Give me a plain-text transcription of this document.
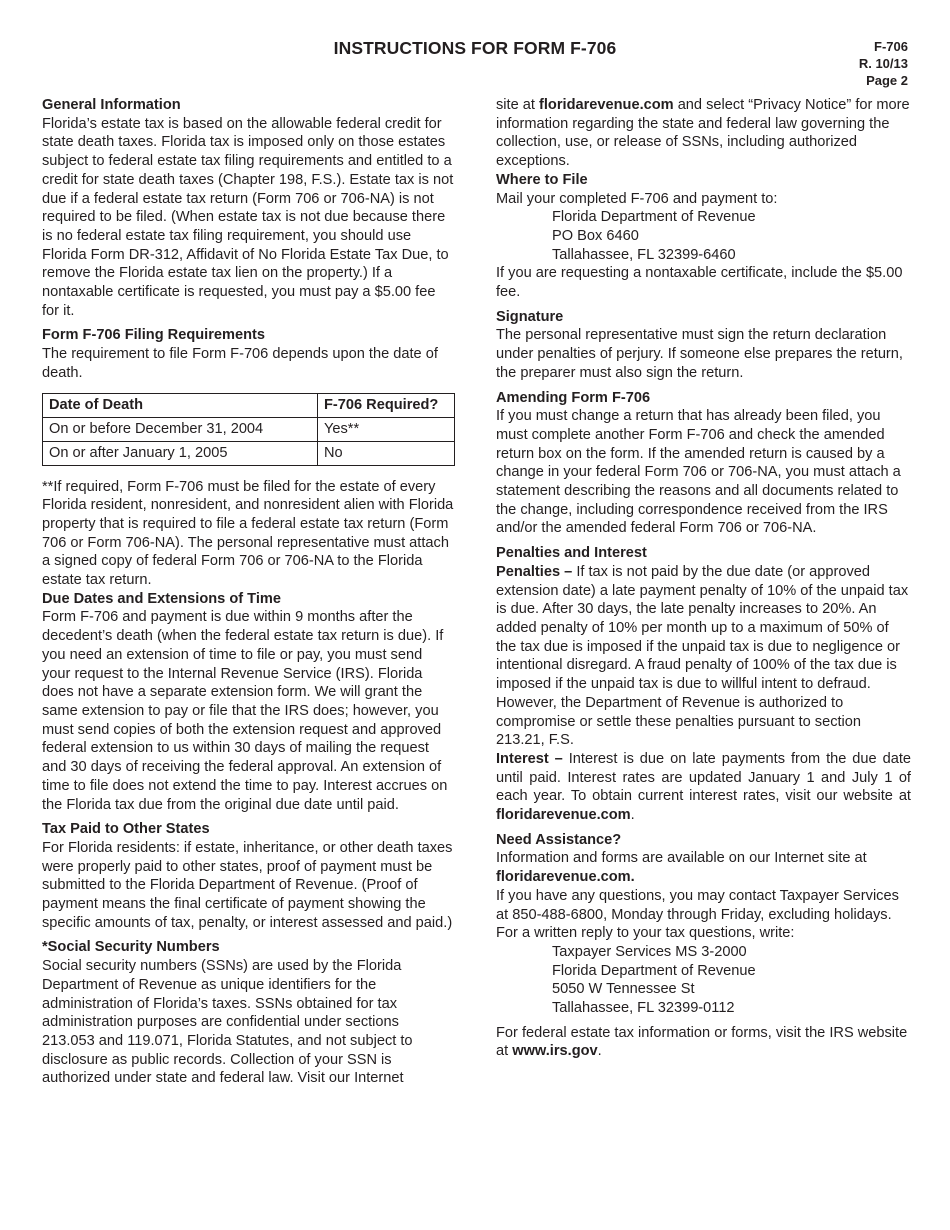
INSTRUCTIONS FOR FORM F-706	F-706
R. 10/13
Page 2
General Information

Florida’s estate tax is based on the allowable federal credit for state death taxes. Florida tax is imposed only on those estates subject to federal estate tax filing requirements and entitled to a credit for state death taxes (Chapter 198, F.S.). Estate tax is not due if a federal estate tax return (Form 706 or 706-NA) is not required to be filed. (When estate tax is not due because there is no federal estate tax filing requirement, you should use Florida Form DR-312, Affidavit of No Florida Estate Tax Due, to remove the Florida estate tax lien on the property.) If a nontaxable certificate is requested, you must pay a $5.00 fee for it.

Form F-706 Filing Requirements

The requirement to file Form F-706 depends upon the date of death.

Date of Death	F-706 Required?
On or before December 31, 2004	Yes**
On or after January 1, 2005	No

**If required, Form F-706 must be filed for the estate of every Florida resident, nonresident, and nonresident alien with Florida property that is required to file a federal estate tax return (Form 706 or Form 706-NA). The personal representative must attach a signed copy of federal Form 706 or 706-NA to the Florida estate tax return.

Due Dates and Extensions of Time

Form F-706 and payment is due within 9 months after the decedent’s death (when the federal estate tax return is due). If you need an extension of time to file or pay, you must send your request to the Internal Revenue Service (IRS). Florida does not have a separate extension form. We will grant the same extension to pay or file that the IRS does; however, you must send copies of both the extension request and approved federal extension to us within 30 days of mailing the request and 30 days of receiving the federal approval. An extension of time to file does not extend the time to pay. Interest accrues on the Florida tax due from the original due date until paid.

Tax Paid to Other States

For Florida residents: if estate, inheritance, or other death taxes were properly paid to other states, proof of payment must be submitted to the Florida Department of Revenue. (Proof of payment means the final certificate of payment showing the specific amounts of tax, penalty, or interest assessed and paid.)

*Social Security Numbers

Social security numbers (SSNs) are used by the Florida Department of Revenue as unique identifiers for the administration of Florida’s taxes. SSNs obtained for tax administration purposes are confidential under sections 213.053 and 119.071, Florida Statutes, and not subject to disclosure as public records. Collection of your SSN is authorized under state and federal law. Visit our Internet

site at floridarevenue.com and select “Privacy Notice” for more information regarding the state and federal law governing the collection, use, or release of SSNs, including authorized exceptions.

Where to File

Mail your completed F-706 and payment to:

Florida Department of Revenue
PO Box 6460
Tallahassee, FL 32399-6460

If you are requesting a nontaxable certificate, include the $5.00 fee.

Signature

The personal representative must sign the return declaration under penalties of perjury. If someone else prepares the return, the preparer must also sign the return.

Amending Form F-706

If you must change a return that has already been filed, you must complete another Form F-706 and check the amended return box on the form. If the amended return is caused by a change in your federal Form 706 or 706-NA, you must attach a statement describing the reasons and all documents related to the change, including correspondence received from the IRS and/or the amended federal Form 706 or 706-NA.

Penalties and Interest

Penalties – If tax is not paid by the due date (or approved extension date) a late payment penalty of 10% of the unpaid tax is due. After 30 days, the late penalty increases to 20%. An added penalty of 10% per month up to a maximum of 50% of the tax due is imposed if the unpaid tax is due to negligence or intentional disregard. A fraud penalty of 100% of the tax due is imposed if the unpaid tax is due to willful intent to defraud. However, the Department of Revenue is authorized to compromise or settle these penalties pursuant to section 213.21, F.S.

Interest – Interest is due on late payments from the due date until paid. Interest rates are updated January 1 and July 1 of each year. To obtain current interest rates, visit our website at floridarevenue.com.

Need Assistance?

Information and forms are available on our Internet site at

floridarevenue.com.

If you have any questions, you may contact Taxpayer Services at 850-488-6800, Monday through Friday, excluding holidays.

For a written reply to your tax questions, write:

Taxpayer Services MS 3-2000
Florida Department of Revenue
5050 W Tennessee St
Tallahassee, FL 32399-0112

For federal estate tax information or forms, visit the IRS website at www.irs.gov.
